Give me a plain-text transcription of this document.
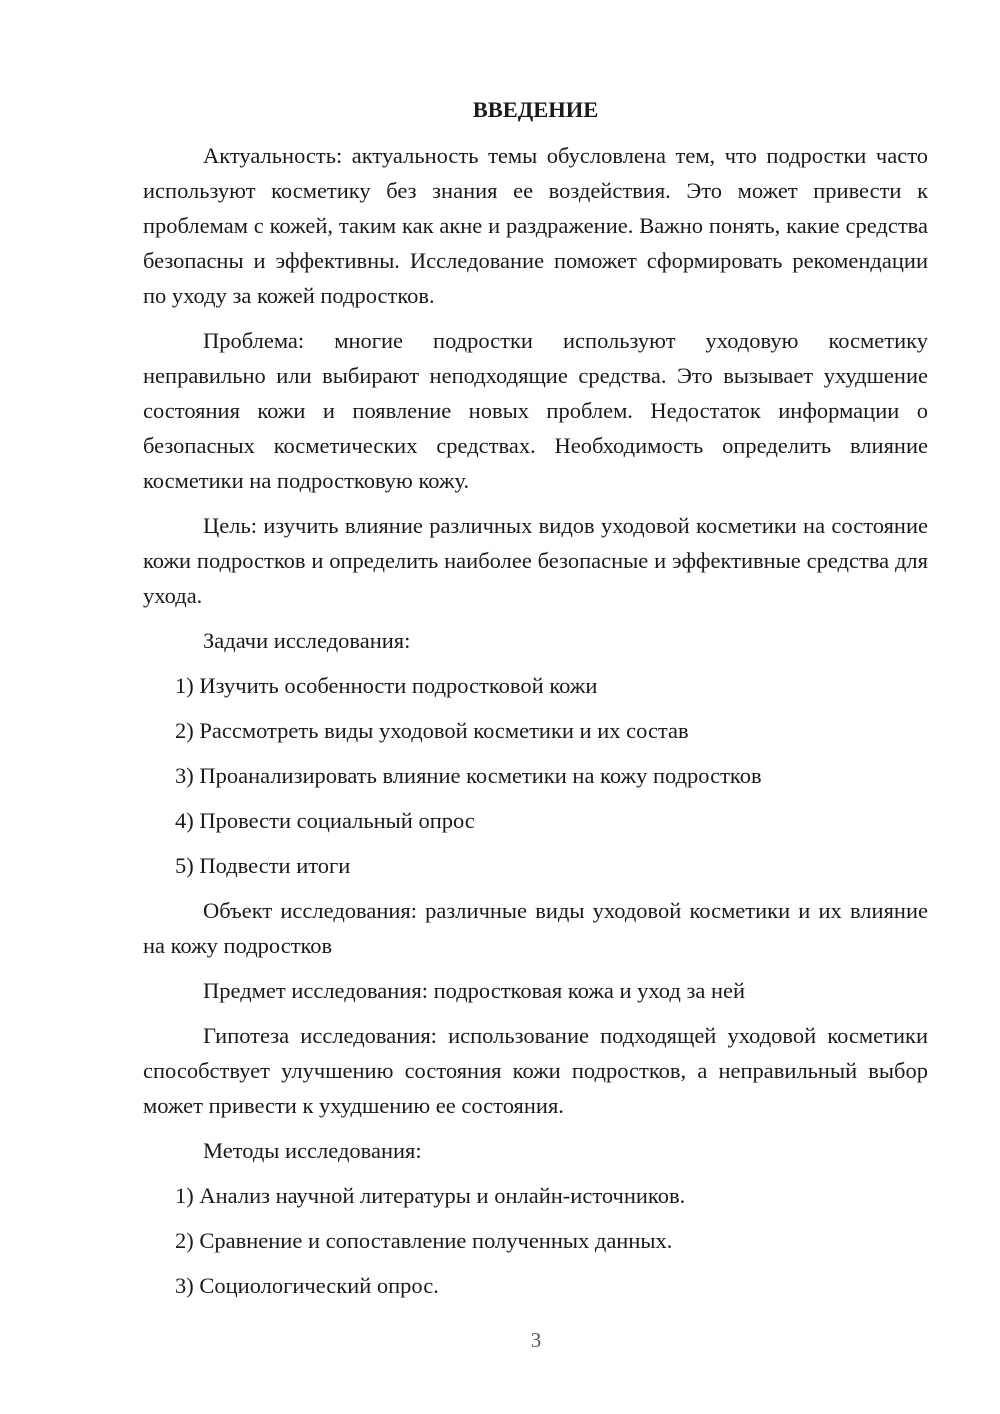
ВВЕДЕНИЕ

Актуальность: актуальность темы обусловлена тем, что подростки часто используют косметику без знания ее воздействия. Это может привести к проблемам с кожей, таким как акне и раздражение. Важно понять, какие средства безопасны и эффективны. Исследование поможет сформировать рекомендации по уходу за кожей подростков.

Проблема: многие подростки используют уходовую косметику неправильно или выбирают неподходящие средства. Это вызывает ухудшение состояния кожи и появление новых проблем. Недостаток информации о безопасных косметических средствах. Необходимость определить влияние косметики на подростковую кожу.

Цель: изучить влияние различных видов уходовой косметики на состояние кожи подростков и определить наиболее безопасные и эффективные средства для ухода.

Задачи исследования:
1) Изучить особенности подростковой кожи
2) Рассмотреть виды уходовой косметики и их состав
3) Проанализировать влияние косметики на кожу подростков
4) Провести социальный опрос
5) Подвести итоги

Объект исследования: различные виды уходовой косметики и их влияние на кожу подростков

Предмет исследования: подростковая кожа и уход за ней

Гипотеза исследования: использование подходящей уходовой косметики способствует улучшению состояния кожи подростков, а неправильный выбор может привести к ухудшению ее состояния.

Методы исследования:
1) Анализ научной литературы и онлайн-источников.
2) Сравнение и сопоставление полученных данных.
3) Социологический опрос.
3
